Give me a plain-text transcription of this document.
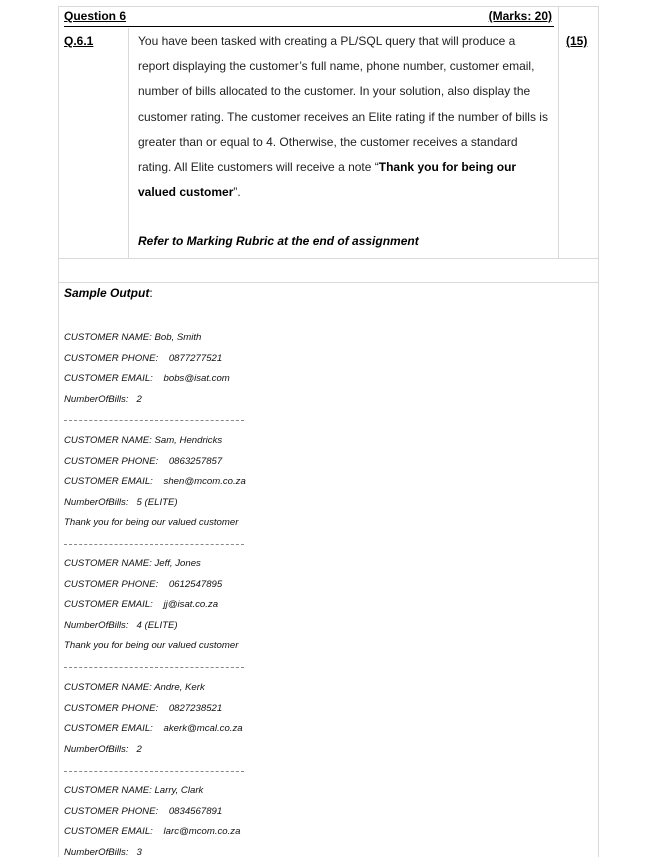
Question 6	(Marks: 20)
Q.6.1	(15)
You have been tasked with creating a PL/SQL query that will produce a report displaying the customer’s full name, phone number, customer email, number of bills allocated to the customer. In your solution, also display the customer rating. The customer receives an Elite rating if the number of bills is greater than or equal to 4. Otherwise, the customer receives a standard rating. All Elite customers will receive a note “Thank you for being our valued customer”.
Refer to Marking Rubric at the end of assignment
Sample Output:
CUSTOMER NAME: Bob, Smith
CUSTOMER PHONE: 0877277521
CUSTOMER EMAIL: bobs@isat.com
NumberOfBills: 2
CUSTOMER NAME: Sam, Hendricks
CUSTOMER PHONE: 0863257857
CUSTOMER EMAIL: shen@mcom.co.za
NumberOfBills: 5 (ELITE)
Thank you for being our valued customer
CUSTOMER NAME: Jeff, Jones
CUSTOMER PHONE: 0612547895
CUSTOMER EMAIL: jj@isat.co.za
NumberOfBills: 4 (ELITE)
Thank you for being our valued customer
CUSTOMER NAME: Andre, Kerk
CUSTOMER PHONE: 0827238521
CUSTOMER EMAIL: akerk@mcal.co.za
NumberOfBills: 2
CUSTOMER NAME: Larry, Clark
CUSTOMER PHONE: 0834567891
CUSTOMER EMAIL: larc@mcom.co.za
NumberOfBills: 3
